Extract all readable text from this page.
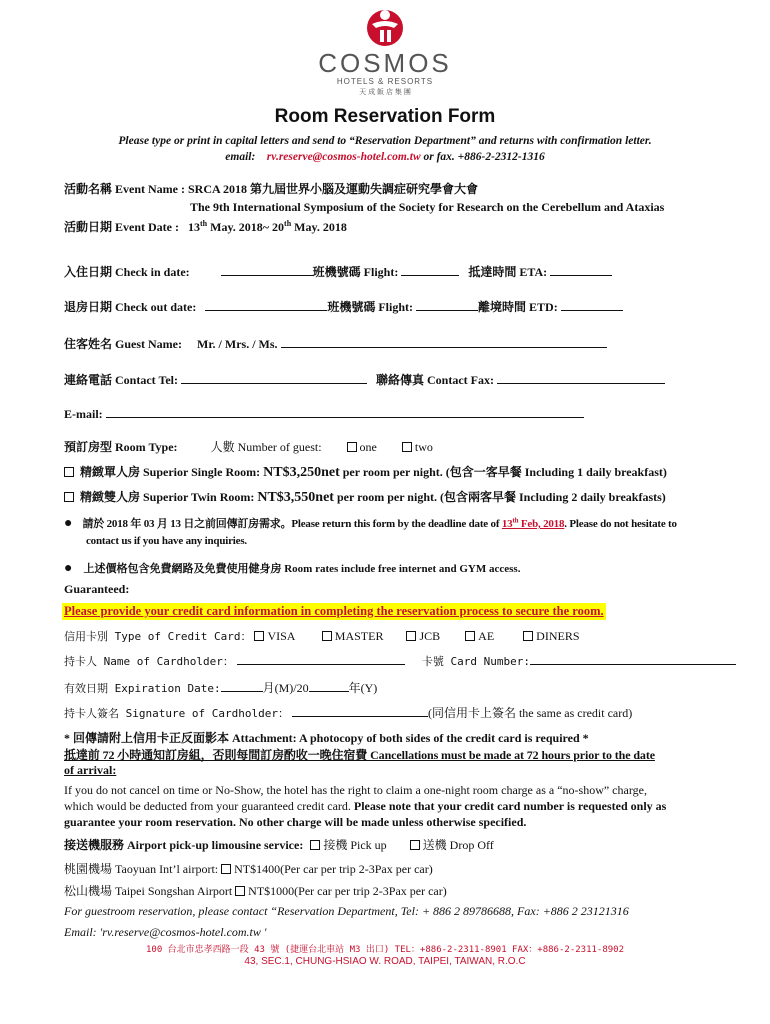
COSMOS
HOTELS & RESORTS
天 成 飯 店 集 團
Room Reservation Form
Please type or print in capital letters and send to “Reservation Department” and returns with confirmation letter.
email: rv.reserve@cosmos-hotel.com.tw or fax. +886-2-2312-1316
活動名稱 Event Name : SRCA 2018 第九屆世界小腦及運動失調症研究學會大會
The 9th International Symposium of the Society for Research on the Cerebellum and Ataxias
活動日期 Event Date : 13th May. 2018~ 20th May. 2018
入住日期 Check in date:	班機號碼 Flight:	抵達時間 ETA:
退房日期 Check out date:	班機號碼 Flight:	離境時間 ETD:
住客姓名 Guest Name: Mr. / Mrs. / Ms.
連絡電話 Contact Tel:	聯絡傳真 Contact Fax:
E-mail:
預訂房型 Room Type:	人數 Number of guest:	one	two
精緻單人房 Superior Single Room: NT$3,250net per room per night. (包含一客早餐 Including 1 daily breakfast)
精緻雙人房 Superior Twin Room: NT$3,550net per room per night. (包含兩客早餐 Including 2 daily breakfasts)
● 請於 2018 年 03 月 13 日之前回傳訂房需求。Please return this form by the deadline date of 13th Feb, 2018. Please do not hesitate to
contact us if you have any inquiries.
● 上述價格包含免費網路及免費使用健身房 Room rates include free internet and GYM access.
Guaranteed:
Please provide your credit card information in completing the reservation process to secure the room.
信用卡別 Type of Credit Card： VISA	MASTER	JCB	AE	DINERS
持卡人 Name of Cardholder：	卡號 Card Number:
有效日期 Expiration Date:	月(M)/20	年(Y)
持卡人簽名 Signature of Cardholder：	(同信用卡上簽名 the same as credit card)
* 回傳請附上信用卡正反面影本 Attachment: A photocopy of both sides of the credit card is required *
抵達前 72 小時通知訂房組，否則每間訂房酌收一晚住宿費 Cancellations must be made at 72 hours prior to the date
of arrival:
If you do not cancel on time or No-Show, the hotel has the right to claim a one-night room charge as a “no-show” charge,
which would be deducted from your guaranteed credit card. Please note that your credit card number is requested only as
guarantee your room reservation. No other charge will be made unless otherwise specified.
接送機服務 Airport pick-up limousine service: 接機 Pick up	送機 Drop Off
桃園機場 Taoyuan Int’l airport: NT$1400(Per car per trip 2-3Pax per car)
松山機場 Taipei Songshan Airport NT$1000(Per car per trip 2-3Pax per car)
For guestroom reservation, please contact “Reservation Department, Tel: + 886 2 89786688, Fax: +886 2 23121316
Email: 'rv.reserve@cosmos-hotel.com.tw '
100 台北市忠孝西路一段 43 號 (捷運台北車站 M3 出口) TEL：+886-2-2311-8901 FAX：+886-2-2311-8902
43, SEC.1, CHUNG-HSIAO W. ROAD, TAIPEI, TAIWAN, R.O.C
